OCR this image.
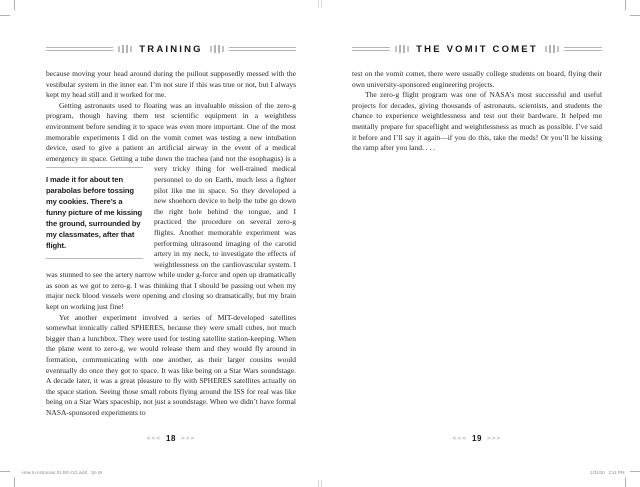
TRAINING

because moving your head around during the pullout supposedly messed with the vestibular system in the inner ear. I’m not sure if this was true or not, but I always kept my head still and it worked for me.

Getting astronauts used to floating was an invaluable mission of the zero-g program, though having them test scientific equipment in a weightless environment before sending it to space was even more important. One of the most memorable experiments I did on the vomit comet was testing a new intubation device, used to give a patient an artificial airway in the event of a medical emergency in space. Getting a tube down the trachea (and not
I made it for about ten parabolas before tossing my cookies. There’s a funny picture of me kissing the ground, surrounded by my classmates, after that flight.
the esophagus) is a very tricky thing for well-trained medical personnel to do on Earth, much less a fighter pilot like me in space. So they developed a new shoehorn device to help the tube go down the right hole behind the tongue, and I practiced the procedure on several zero-g flights. Another memorable experiment was performing ultrasound imaging of the carotid artery in my neck, to investigate the effects of weightlessness on the cardiovascular system. I was stunned to see the artery narrow while under g-force and open up dramatically as soon as we got to zero-g. I was thinking that I should be passing out when my major neck blood vessels were opening and closing so dramatically, but my brain kept on working just fine!

Yet another experiment involved a series of MIT-developed satellites somewhat ironically called SPHERES, because they were small cubes, not much bigger than a lunchbox. They were used for testing satellite station-keeping. When the plane went to zero-g, we would release them and they would fly around in formation, communicating with one another, as their larger cousins would eventually do once they got to space. It was like being on a Star Wars soundstage. A decade later, it was a great pleasure to fly with SPHERES satellites actually on the space station. Seeing those small robots flying around the ISS for real was like being on a Star Wars spaceship, not just a soundstage. When we didn’t have formal NASA-sponsored experiments to

<<< 18 >>>
THE VOMIT COMET

test on the vomit comet, there were usually college students on board, flying their own university-sponsored engineering projects.

The zero-g flight program was one of NASA’s most successful and useful projects for decades, giving thousands of astronauts, scientists, and students the chance to experience weightlessness and test out their hardware. It helped me mentally prepare for spaceflight and weightlessness as much as possible. I’ve said it before and I’ll say it again—if you do this, take the meds! Or you’ll be kissing the ramp after you land. . . .

<<< 19 >>>
How to Astronaut 01 BG-GG.indd   18-19	1/31/20   2:11 PM
